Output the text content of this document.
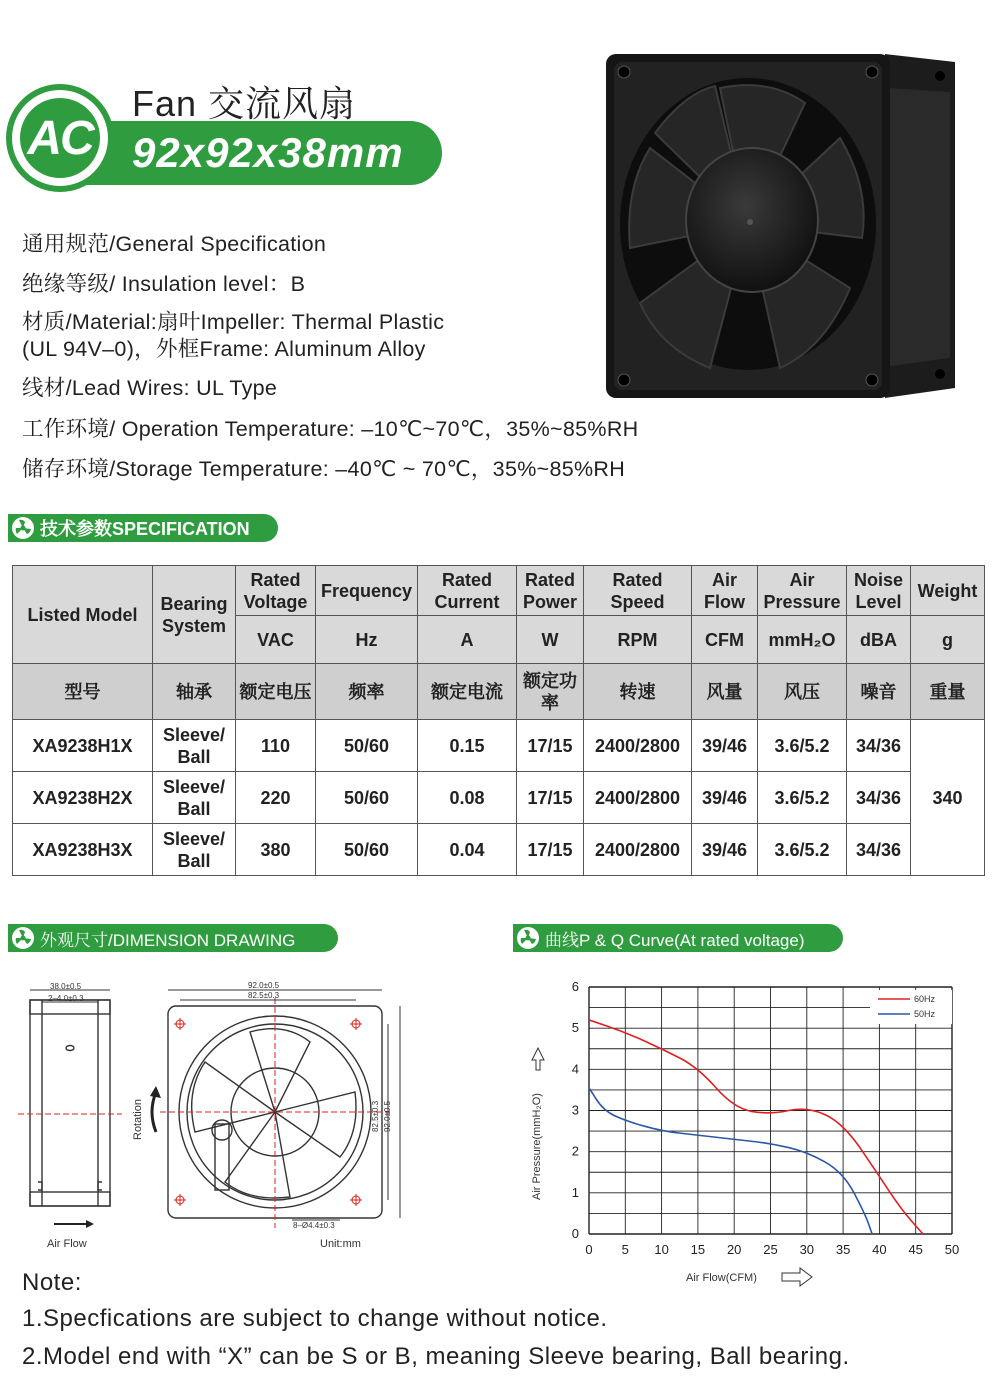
AC
Fan 交流风扇
92x92x38mm
通用规范/General Specification
绝缘等级/ Insulation level：B
材质/Material:扇叶Impeller: Thermal Plastic
(UL 94V–0)，外框Frame: Aluminum Alloy
线材/Lead Wires: UL Type
工作环境/ Operation Temperature: –10℃~70℃，35%~85%RH
储存环境/Storage Temperature: –40℃ ~ 70℃，35%~85%RH
技术参数SPECIFICATION
Listed Model	Bearing System	Rated Voltage	Frequency	Rated Current	Rated Power	Rated Speed	Air Flow	Air Pressure	Noise Level	Weight
		VAC	Hz	A	W	RPM	CFM	mmH₂O	dBA	g
型号	轴承	额定电压	频率	额定电流	额定功率	转速	风量	风压	噪音	重量
XA9238H1X	Sleeve/ Ball	110	50/60	0.15	17/15	2400/2800	39/46	3.6/5.2	34/36	340
XA9238H2X	Sleeve/ Ball	220	50/60	0.08	17/15	2400/2800	39/46	3.6/5.2	34/36	
XA9238H3X	Sleeve/ Ball	380	50/60	0.04	17/15	2400/2800	39/46	3.6/5.2	34/36	
外观尺寸/DIMENSION DRAWING	曲线P & Q Curve(At rated voltage)
38.0±0.5
2–4.0±0.3
Air Flow
Rotation
92.0±0.5
82.5±0.3
82.5±0.3 92.0±0.5
8–Ø4.4±0.3
Unit:mm	0 5 10 15 20 25 30 35 40 45 50
0
1
2
3
4
5
6
60Hz
50Hz
Air Pressure(mmH₂O)
Air Flow(CFM)
Note:
1.Specfications are subject to change without notice.
2.Model end with “X” can be S or B, meaning Sleeve bearing, Ball bearing.
